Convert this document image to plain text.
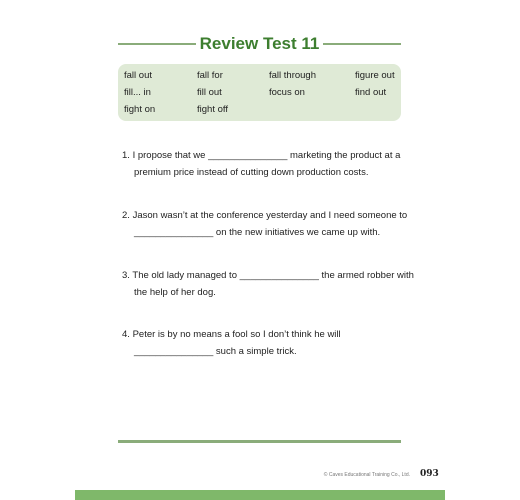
Review Test 11
fall out	fall for	fall through	figure out
fill... in	fill out	focus on	find out
fight on	fight off
1. I propose that we _______________ marketing the product at a
premium price instead of cutting down production costs.
2. Jason wasn’t at the conference yesterday and I need someone to
_______________ on the new initiatives we came up with.
3. The old lady managed to _______________ the armed robber with
the help of her dog.
4. Peter is by no means a fool so I don’t think he will
_______________ such a simple trick.
© Caves Educational Training Co., Ltd. 093
